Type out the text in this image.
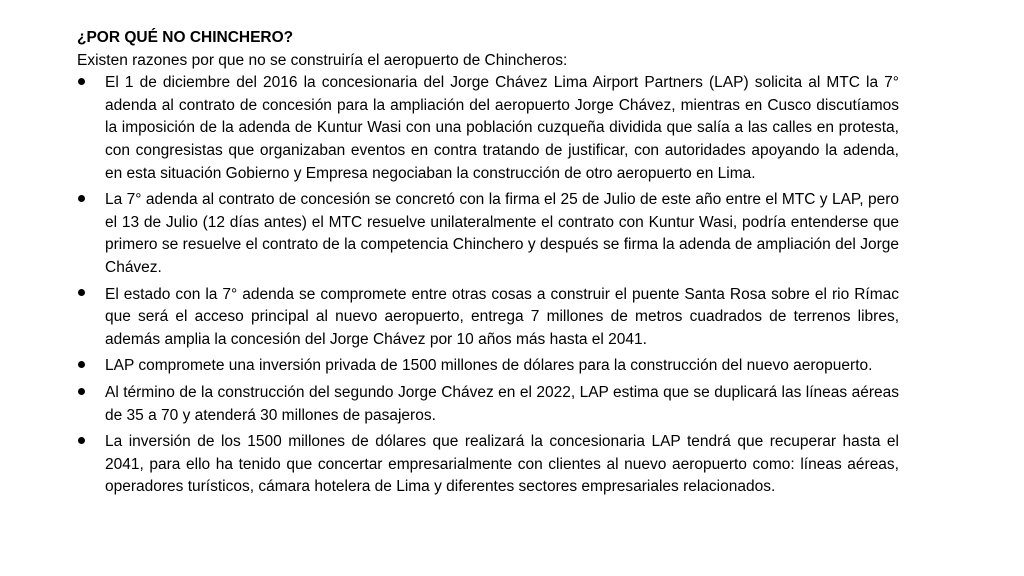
¿POR QUÉ NO CHINCHERO?

Existen razones por que no se construiría el aeropuerto de Chincheros:

El 1 de diciembre del 2016 la concesionaria del Jorge Chávez Lima Airport Partners (LAP) solicita al MTC la 7° adenda al contrato de concesión para la ampliación del aeropuerto Jorge Chávez, mientras en Cusco discutíamos la imposición de la adenda de Kuntur Wasi con una población cuzqueña dividida que salía a las calles en protesta, con congresistas que organizaban eventos en contra tratando de justificar, con autoridades apoyando la adenda, en esta situación Gobierno y Empresa negociaban la construcción de otro aeropuerto en Lima.
La 7° adenda al contrato de concesión se concretó con la firma el 25 de Julio de este año entre el MTC y LAP, pero el 13 de Julio (12 días antes) el MTC resuelve unilateralmente el contrato con Kuntur Wasi, podría entenderse que primero se resuelve el contrato de la competencia Chinchero y después se firma la adenda de ampliación del Jorge Chávez.
El estado con la 7° adenda se compromete entre otras cosas a construir el puente Santa Rosa sobre el rio Rímac que será el acceso principal al nuevo aeropuerto, entrega 7 millones de metros cuadrados de terrenos libres, además amplia la concesión del Jorge Chávez por 10 años más hasta el 2041.
LAP compromete una inversión privada de 1500 millones de dólares para la construcción del nuevo aeropuerto.
Al término de la construcción del segundo Jorge Chávez en el 2022, LAP estima que se duplicará las líneas aéreas de 35 a 70 y atenderá 30 millones de pasajeros.
La inversión de los 1500 millones de dólares que realizará la concesionaria LAP tendrá que recuperar hasta el 2041, para ello ha tenido que concertar empresarialmente con clientes al nuevo aeropuerto como: líneas aéreas, operadores turísticos, cámara hotelera de Lima y diferentes sectores empresariales relacionados.
